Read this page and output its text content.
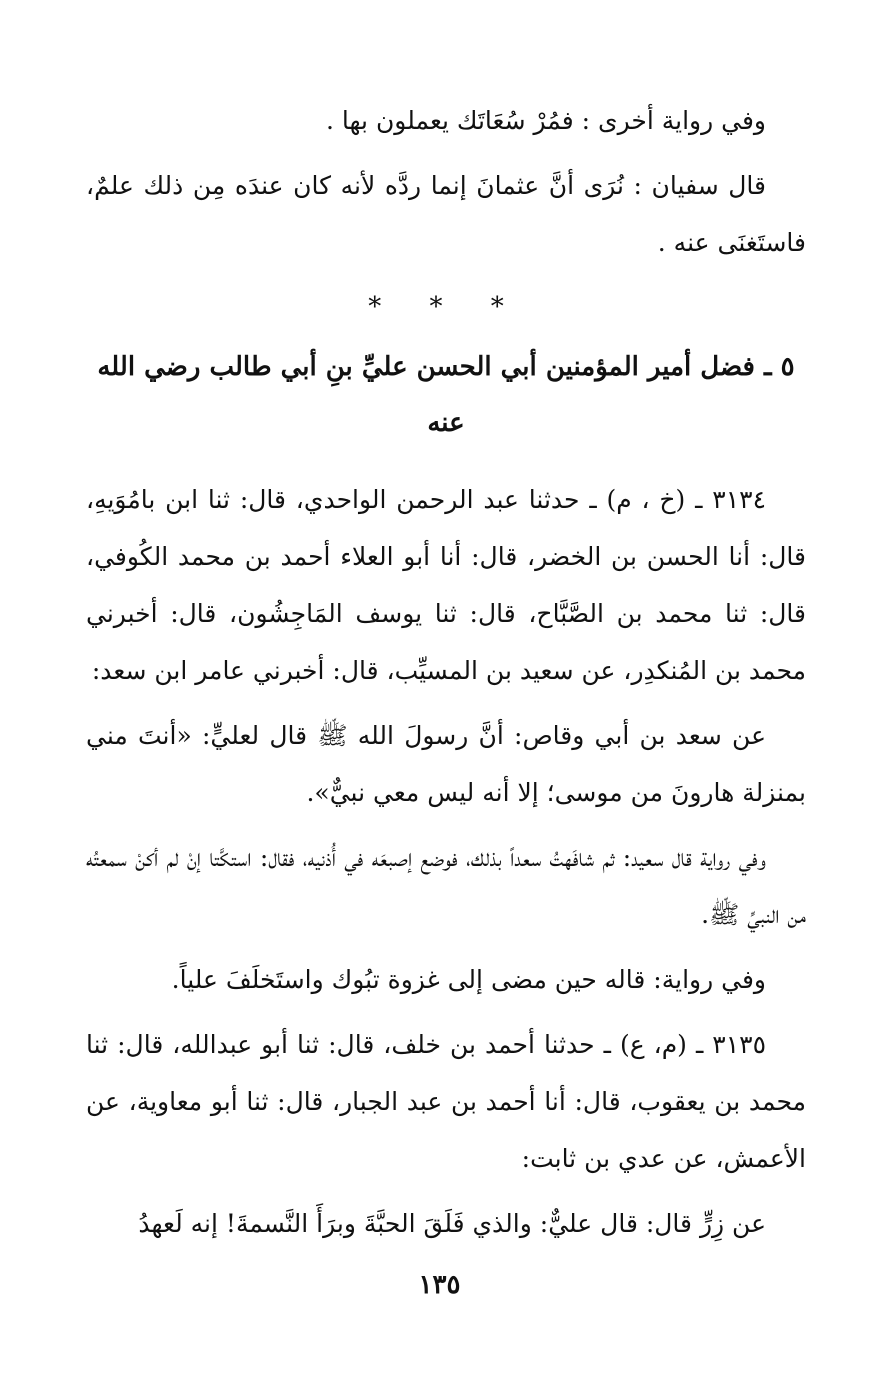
وفي رواية أخرى : فمُرْ سُعَاتَك يعملون بها .

قال سفيان : نُرَى أنَّ عثمانَ إنما ردَّه لأنه كان عندَه مِن ذلك علمٌ، فاستَغنَى عنه .

* * *
٥ ـ فضل أمير المؤمنين أبي الحسن عليِّ بنِ أبي طالب رضي الله عنه

٣١٣٤ ـ (خ ، م) ـ حدثنا عبد الرحمن الواحدي، قال: ثنا ابن بامُوَيهِ، قال: أنا الحسن بن الخضر، قال: أنا أبو العلاء أحمد بن محمد الكُوفي، قال: ثنا محمد بن الصَّبَّاح، قال: ثنا يوسف المَاجِشُون، قال: أخبرني محمد بن المُنكدِر، عن سعيد بن المسيِّب، قال: أخبرني عامر ابن سعد:

عن سعد بن أبي وقاص: أنَّ رسولَ الله ﷺ قال لعليٍّ: «أنتَ مني بمنزلة هارونَ من موسى؛ إلا أنه ليس معي نبيٌّ».

وفي رواية قال سعيد: ثم شافَهتُ سعداً بذلك، فوضع إصبعَه في أُذنيه، فقال: استكَّتا إنْ لم أكنْ سمعتُه من النبيِّ ﷺ.

وفي رواية: قاله حين مضى إلى غزوة تبُوك واستَخلَفَ علياً.

٣١٣٥ ـ (م، ع) ـ حدثنا أحمد بن خلف، قال: ثنا أبو عبدالله، قال: ثنا محمد بن يعقوب، قال: أنا أحمد بن عبد الجبار، قال: ثنا أبو معاوية، عن الأعمش، عن عدي بن ثابت:

عن زِرٍّ قال: قال عليٌّ: والذي فَلَقَ الحبَّةَ وبرَأَ النَّسمةَ! إنه لَعهدُ

١٣٥
